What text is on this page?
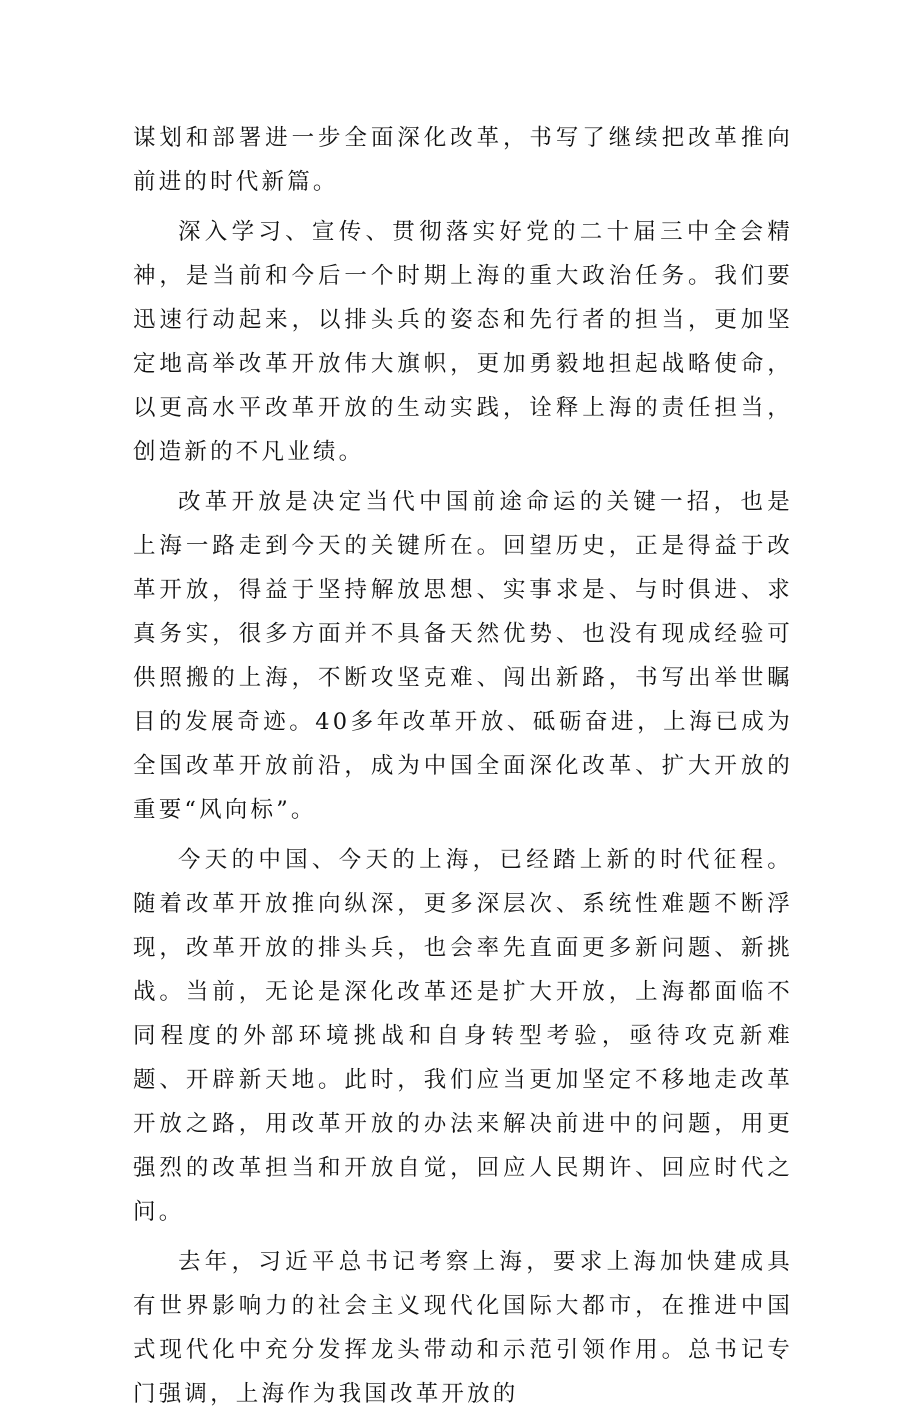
谋划和部署进一步全面深化改革，书写了继续把改革推向前进的时代新篇。

深入学习、宣传、贯彻落实好党的二十届三中全会精神，是当前和今后一个时期上海的重大政治任务。我们要迅速行动起来，以排头兵的姿态和先行者的担当，更加坚定地高举改革开放伟大旗帜，更加勇毅地担起战略使命，以更高水平改革开放的生动实践，诠释上海的责任担当，创造新的不凡业绩。

改革开放是决定当代中国前途命运的关键一招，也是上海一路走到今天的关键所在。回望历史，正是得益于改革开放，得益于坚持解放思想、实事求是、与时俱进、求真务实，很多方面并不具备天然优势、也没有现成经验可供照搬的上海，不断攻坚克难、闯出新路，书写出举世瞩目的发展奇迹。40多年改革开放、砥砺奋进，上海已成为全国改革开放前沿，成为中国全面深化改革、扩大开放的重要“风向标”。

今天的中国、今天的上海，已经踏上新的时代征程。随着改革开放推向纵深，更多深层次、系统性难题不断浮现，改革开放的排头兵，也会率先直面更多新问题、新挑战。当前，无论是深化改革还是扩大开放，上海都面临不同程度的外部环境挑战和自身转型考验，亟待攻克新难题、开辟新天地。此时，我们应当更加坚定不移地走改革开放之路，用改革开放的办法来解决前进中的问题，用更强烈的改革担当和开放自觉，回应人民期许、回应时代之问。

去年，习近平总书记考察上海，要求上海加快建成具有世界影响力的社会主义现代化国际大都市，在推进中国式现代化中充分发挥龙头带动和示范引领作用。总书记专门强调，上海作为我国改革开放的
